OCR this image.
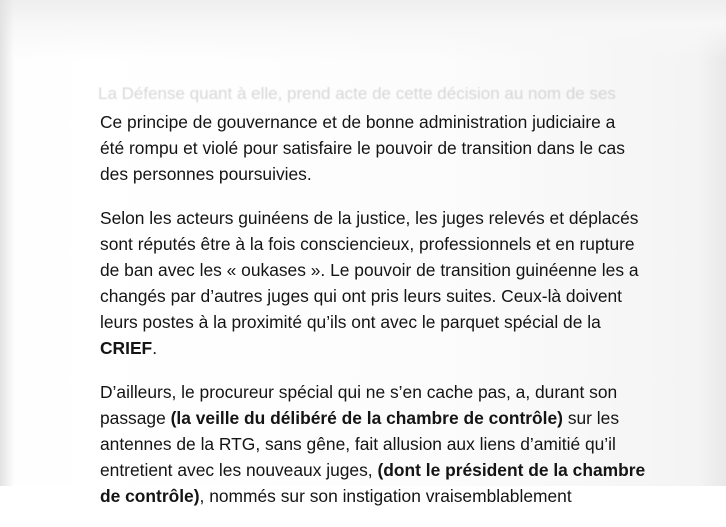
La Défense quant à elle, prend acte de cette décision au nom de ses

Ce principe de gouvernance et de bonne administration judiciaire a
été rompu et violé pour satisfaire le pouvoir de transition dans le cas
des personnes poursuivies.

Selon les acteurs guinéens de la justice, les juges relevés et déplacés
sont réputés être à la fois consciencieux, professionnels et en rupture
de ban avec les « oukases ». Le pouvoir de transition guinéenne les a
changés par d’autres juges qui ont pris leurs suites. Ceux-là doivent
leurs postes à la proximité qu’ils ont avec le parquet spécial de la
CRIEF.

D’ailleurs, le procureur spécial qui ne s’en cache pas, a, durant son
passage (la veille du délibéré de la chambre de contrôle) sur les
antennes de la RTG, sans gêne, fait allusion aux liens d’amitié qu’il
entretient avec les nouveaux juges, (dont le président de la chambre
de contrôle), nommés sur son instigation vraisemblablement
